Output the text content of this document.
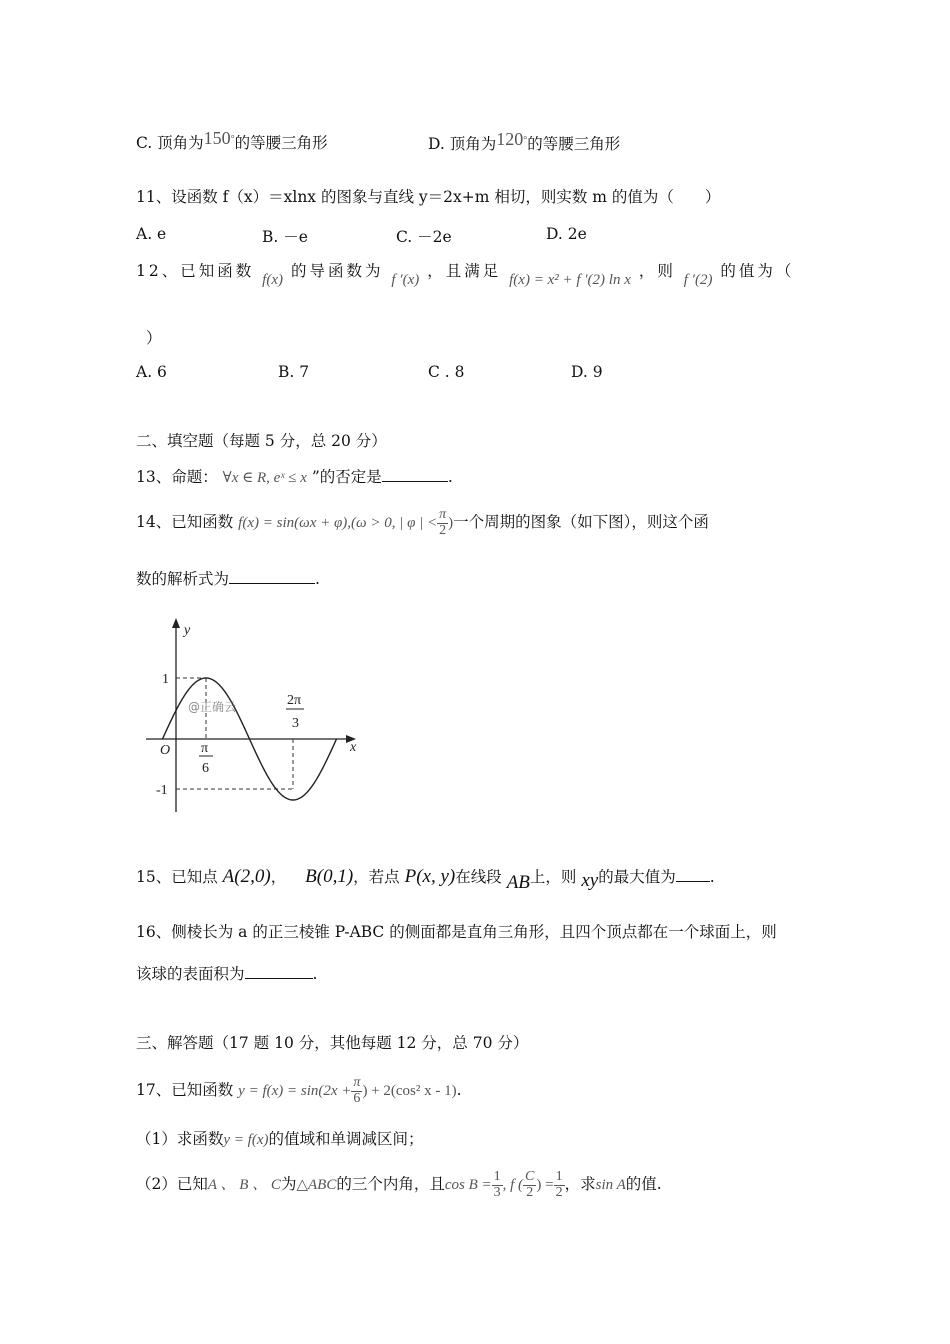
C. 顶角为150°的等腰三角形	D. 顶角为120°的等腰三角形
11、设函数 f（x）＝xlnx 的图象与直线 y＝2x+m 相切，则实数 m 的值为（　　）
A. e	B. －e	C. －2e	D. 2e
12、已知函数 f(x) 的导函数为 f ′(x) ，且满足 f(x) = x² + f ′(2) ln x ，则 f ′(2) 的值为（
）
A. 6	B. 7	C . 8	D. 9
二、填空题（每题 5 分，总 20 分）
13、命题： ∀x ∈ R, eˣ ≤ x ”的否定是	.
14、已知函数 f(x) = sin(ωx + φ),(ω > 0, | φ | < $\frac{\pi}{2}$ )一个周期的图象（如下图），则这个函
数的解析式为	.
y
x
O
1
-1
π
6
2π
3
@正确云
15、已知点 A(2,0)， B(0,1)，若点 P(x, y)在线段 AB上，则 xy的最大值为 .
16、侧棱长为 a 的正三棱锥 P-ABC 的侧面都是直角三角形，且四个顶点都在一个球面上，则
该球的表面积为	.
三、解答题（17 题 10 分，其他每题 12 分，总 70 分）
17、已知函数 $y = f(x) = \sin(2x + \frac{\pi}{6}$ ) + 2(cos² x - 1).
（1）求函数y = f(x)的值域和单调减区间；
（2）已知A 、 B 、 C为△ABC的三个内角，且$\cos B = \frac{1}{3}$ , f ( $\frac{C}{2}$ ) = $\frac{1}{2}$ ，求sin A的值.
